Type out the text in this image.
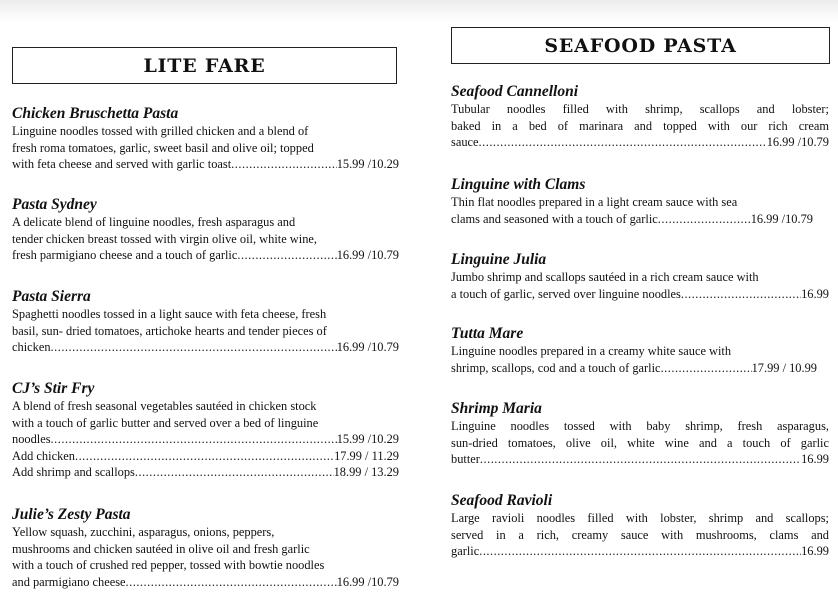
LITE FARE
Chicken Bruschetta Pasta
Linguine noodles tossed with grilled chicken and a blend of
fresh roma tomatoes, garlic, sweet basil and olive oil; topped
with feta cheese and served with garlic toast .....	15.99 /10.29
Pasta Sydney
A delicate blend of linguine noodles, fresh asparagus and
tender chicken breast tossed with virgin olive oil, white wine,
fresh parmigiano cheese and a touch of garlic .....	16.99 /10.79
Pasta Sierra
Spaghetti noodles tossed in a light sauce with feta cheese, fresh
basil, sun- dried tomatoes, artichoke hearts and tender pieces of
chicken .....	16.99 /10.79
CJ’s Stir Fry
A blend of fresh seasonal vegetables sautéed in chicken stock
with a touch of garlic butter and served over a bed of linguine
noodles .....	15.99 /10.29
Add chicken .....	17.99 / 11.29
Add shrimp and scallops .....	18.99 / 13.29
Julie’s Zesty Pasta
Yellow squash, zucchini, asparagus, onions, peppers,
mushrooms and chicken sautéed in olive oil and fresh garlic
with a touch of crushed red pepper, tossed with bowtie noodles
and parmigiano cheese .....	16.99 /10.79
SEAFOOD PASTA
Seafood Cannelloni
Tubular noodles filled with shrimp, scallops and lobster;
baked in a bed of marinara and topped with our rich cream
sauce .....	16.99 /10.79
Linguine with Clams
Thin flat noodles prepared in a light cream sauce with sea
clams and seasoned with a touch of garlic .....	16.99 /10.79
Linguine Julia
Jumbo shrimp and scallops sautéed in a rich cream sauce with
a touch of garlic, served over linguine noodles .....	16.99
Tutta Mare
Linguine noodles prepared in a creamy white sauce with
shrimp, scallops, cod and a touch of garlic .....	17.99 / 10.99
Shrimp Maria
Linguine noodles tossed with baby shrimp, fresh asparagus,
sun-dried tomatoes, olive oil, white wine and a touch of garlic
butter .....	16.99
Seafood Ravioli
Large ravioli noodles filled with lobster, shrimp and scallops;
served in a rich, creamy sauce with mushrooms, clams and
garlic .....	16.99
